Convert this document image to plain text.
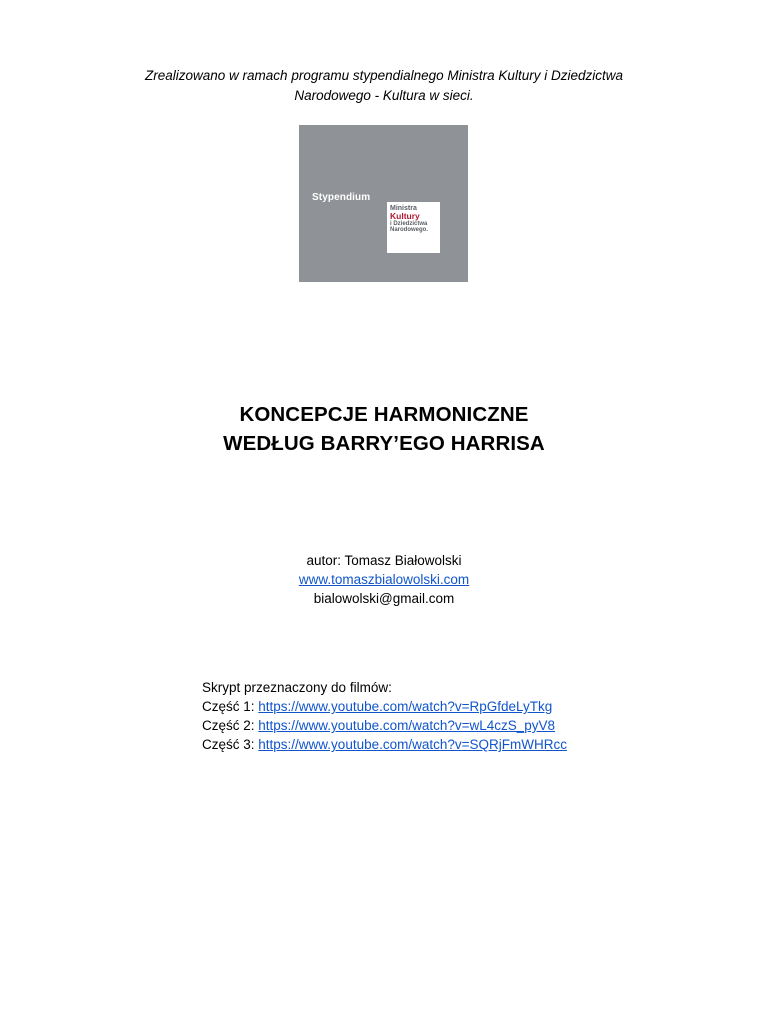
Zrealizowano w ramach programu stypendialnego Ministra Kultury i Dziedzictwa
Narodowego - Kultura w sieci.
Stypendium
Ministra
Kultury
i Dziedzictwa
Narodowego.
KONCEPCJE HARMONICZNE
WEDŁUG BARRY’EGO HARRISA
autor: Tomasz Białowolski
www.tomaszbialowolski.com
bialowolski@gmail.com
Skrypt przeznaczony do filmów:
Część 1: https://www.youtube.com/watch?v=RpGfdeLyTkg
Część 2: https://www.youtube.com/watch?v=wL4czS_pyV8
Część 3: https://www.youtube.com/watch?v=SQRjFmWHRcc
